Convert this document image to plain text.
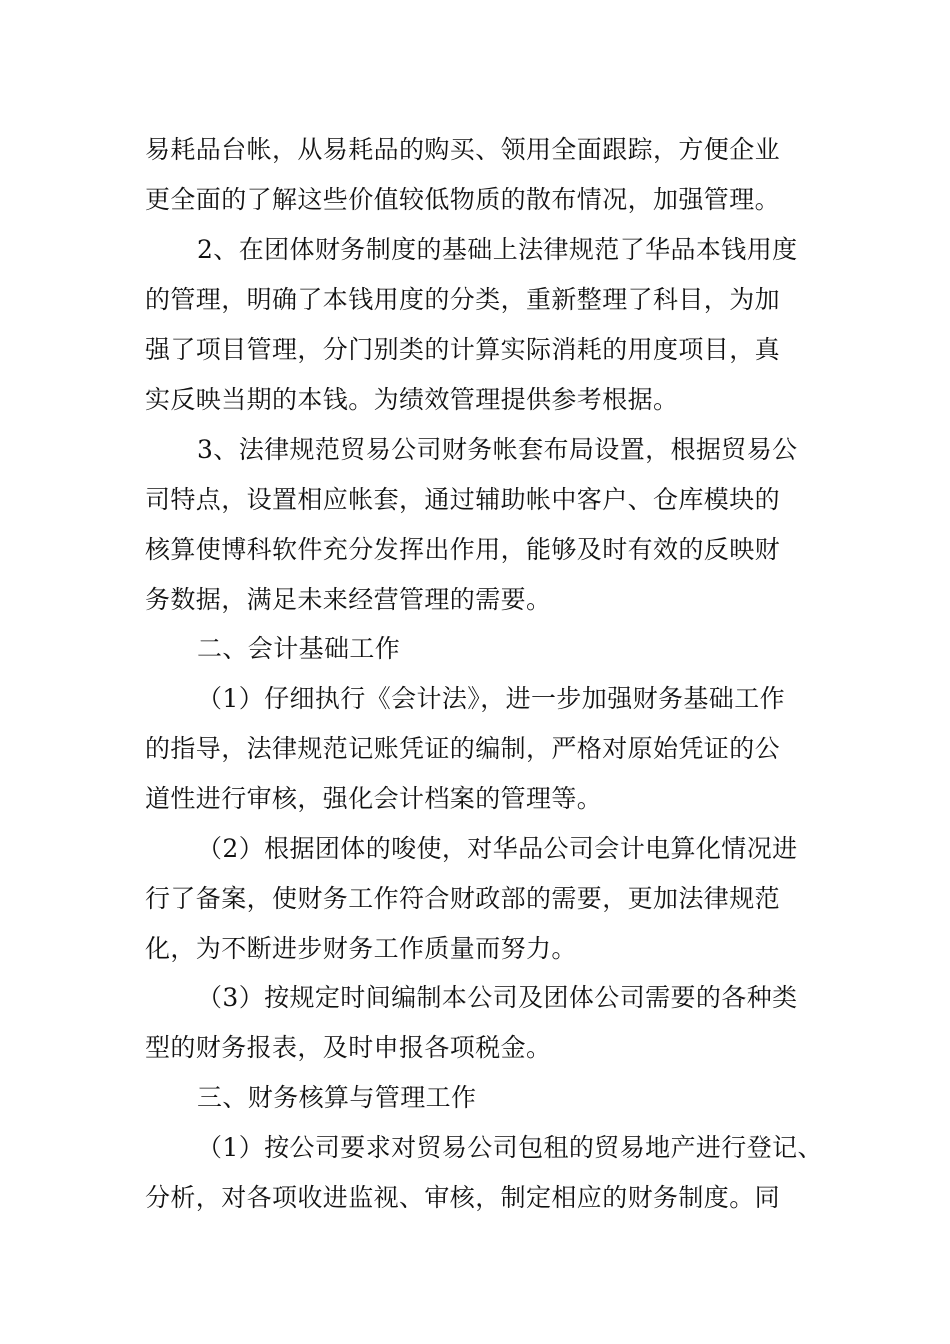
易耗品台帐，从易耗品的购买、领用全面跟踪，方便企业
更全面的了解这些价值较低物质的散布情况，加强管理。
2、在团体财务制度的基础上法律规范了华品本钱用度
的管理，明确了本钱用度的分类，重新整理了科目，为加
强了项目管理，分门别类的计算实际消耗的用度项目，真
实反映当期的本钱。为绩效管理提供参考根据。
3、法律规范贸易公司财务帐套布局设置，根据贸易公
司特点，设置相应帐套，通过辅助帐中客户、仓库模块的
核算使博科软件充分发挥出作用，能够及时有效的反映财
务数据，满足未来经营管理的需要。
二、会计基础工作
（1）仔细执行《会计法》，进一步加强财务基础工作
的指导，法律规范记账凭证的编制，严格对原始凭证的公
道性进行审核，强化会计档案的管理等。
（2）根据团体的唆使，对华品公司会计电算化情况进
行了备案，使财务工作符合财政部的需要，更加法律规范
化，为不断进步财务工作质量而努力。
（3）按规定时间编制本公司及团体公司需要的各种类
型的财务报表，及时申报各项税金。
三、财务核算与管理工作
（1）按公司要求对贸易公司包租的贸易地产进行登记、
分析，对各项收进监视、审核，制定相应的财务制度。同
